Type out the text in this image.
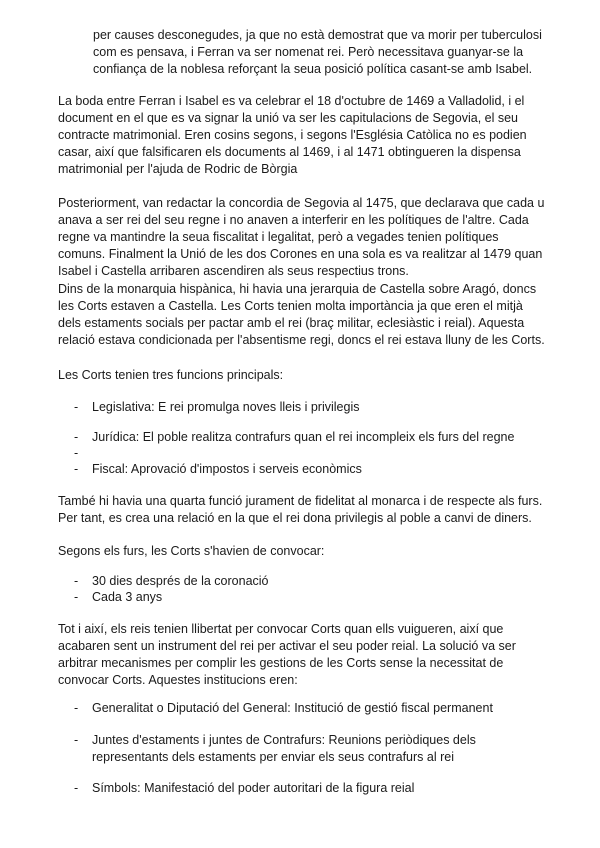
per causes desconegudes, ja que no està demostrat que va morir per tuberculosi com es pensava, i Ferran va ser nomenat rei. Però necessitava guanyar-se la confiança de la noblesa reforçant la seua posició política casant-se amb Isabel.

La boda entre Ferran i Isabel es va celebrar el 18 d'octubre de 1469 a Valladolid, i el document en el que es va signar la unió va ser les capitulacions de Segovia, el seu contracte matrimonial. Eren cosins segons, i segons l'Església Catòlica no es podien casar, així que falsificaren els documents al 1469, i al 1471 obtingueren la dispensa matrimonial per l'ajuda de Rodric de Bòrgia

Posteriorment, van redactar la concordia de Segovia al 1475, que declarava que cada u anava a ser rei del seu regne i no anaven a interferir en les polítiques de l'altre. Cada regne va mantindre la seua fiscalitat i legalitat, però a vegades tenien polítiques comuns. Finalment la Unió de les dos Corones en una sola es va realitzar al 1479 quan Isabel i Castella arribaren ascendiren als seus respectius trons.

Dins de la monarquia hispànica, hi havia una jerarquia de Castella sobre Aragó, doncs les Corts estaven a Castella. Les Corts tenien molta importància ja que eren el mitjà dels estaments socials per pactar amb el rei (braç militar, eclesiàstic i reial). Aquesta relació estava condicionada per l'absentisme regi, doncs el rei estava lluny de les Corts.

Les Corts tenien tres funcions principals:

- Legislativa: E rei promulga noves lleis i privilegis
- Jurídica: El poble realitza contrafurs quan el rei incompleix els furs del regne
-
- Fiscal: Aprovació d'impostos i serveis econòmics

També hi havia una quarta funció jurament de fidelitat al monarca i de respecte als furs. Per tant, es crea una relació en la que el rei dona privilegis al poble a canvi de diners.

Segons els furs, les Corts s'havien de convocar:

- 30 dies després de la coronació
- Cada 3 anys

Tot i així, els reis tenien llibertat per convocar Corts quan ells vuigueren, així que acabaren sent un instrument del rei per activar el seu poder reial. La solució va ser arbitrar mecanismes per complir les gestions de les Corts sense la necessitat de convocar Corts. Aquestes institucions eren:

- Generalitat o Diputació del General: Institució de gestió fiscal permanent
- Juntes d'estaments i juntes de Contrafurs: Reunions periòdiques dels representants dels estaments per enviar els seus contrafurs al rei
- Símbols: Manifestació del poder autoritari de la figura reial
